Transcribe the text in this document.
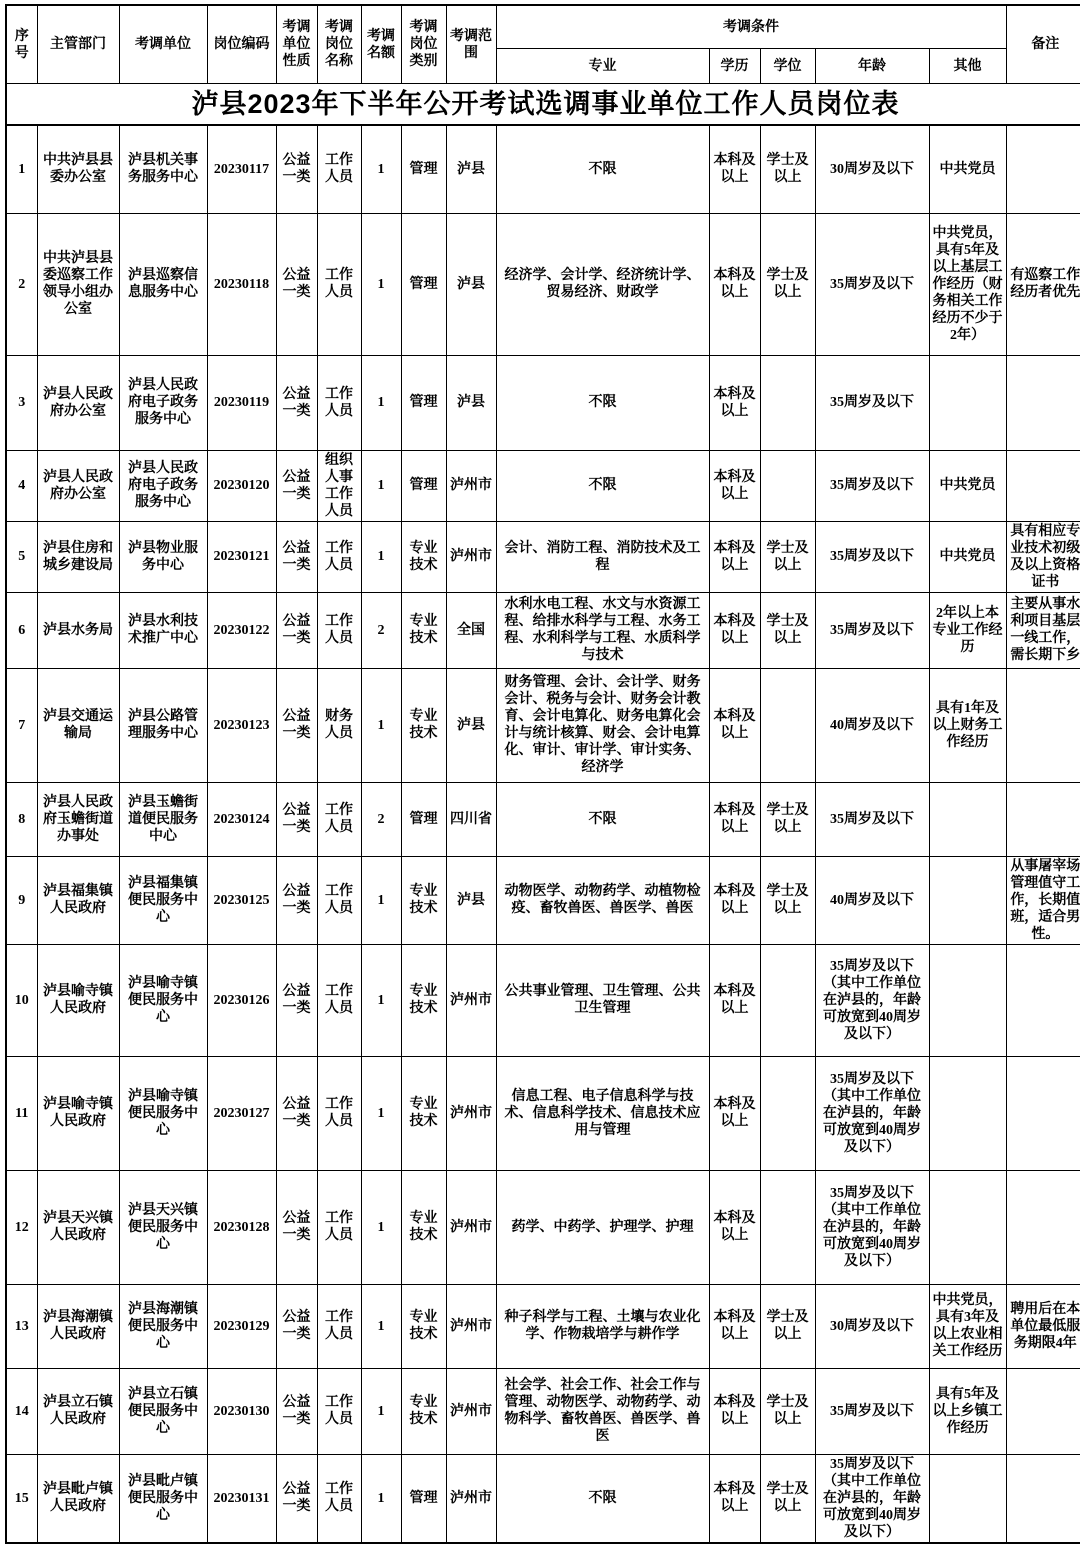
泸县2023年下半年公开考试选调事业单位工作人员岗位表														
序号	主管部门	考调单位	岗位编码	考调单位性质	考调岗位名称	考调名额	考调岗位类别	考调范围	考调条件					备注
									专业	学历	学位	年龄	其他	
1	中共泸县县委办公室	泸县机关事务服务中心	20230117	公益一类	工作人员	1	管理	泸县	不限	本科及以上	学士及以上	30周岁及以下	中共党员	
2	中共泸县县委巡察工作领导小组办公室	泸县巡察信息服务中心	20230118	公益一类	工作人员	1	管理	泸县	经济学、会计学、经济统计学、贸易经济、财政学	本科及以上	学士及以上	35周岁及以下	中共党员，具有5年及以上基层工作经历（财务相关工作经历不少于2年）	有巡察工作经历者优先
3	泸县人民政府办公室	泸县人民政府电子政务服务中心	20230119	公益一类	工作人员	1	管理	泸县	不限	本科及以上		35周岁及以下		
4	泸县人民政府办公室	泸县人民政府电子政务服务中心	20230120	公益一类	组织人事工作人员	1	管理	泸州市	不限	本科及以上		35周岁及以下	中共党员	
5	泸县住房和城乡建设局	泸县物业服务中心	20230121	公益一类	工作人员	1	专业技术	泸州市	会计、消防工程、消防技术及工程	本科及以上	学士及以上	35周岁及以下	中共党员	具有相应专业技术初级及以上资格证书
6	泸县水务局	泸县水利技术推广中心	20230122	公益一类	工作人员	2	专业技术	全国	水利水电工程、水文与水资源工程、给排水科学与工程、水务工程、水利科学与工程、水质科学与技术	本科及以上	学士及以上	35周岁及以下	2年以上本专业工作经历	主要从事水利项目基层一线工作，需长期下乡
7	泸县交通运输局	泸县公路管理服务中心	20230123	公益一类	财务人员	1	专业技术	泸县	财务管理、会计、会计学、财务会计、税务与会计、财务会计教育、会计电算化、财务电算化会计与统计核算、财会、会计电算化、审计、审计学、审计实务、经济学	本科及以上		40周岁及以下	具有1年及以上财务工作经历	
8	泸县人民政府玉蟾街道办事处	泸县玉蟾街道便民服务中心	20230124	公益一类	工作人员	2	管理	四川省	不限	本科及以上	学士及以上	35周岁及以下		
9	泸县福集镇人民政府	泸县福集镇便民服务中心	20230125	公益一类	工作人员	1	专业技术	泸县	动物医学、动物药学、动植物检疫、畜牧兽医、兽医学、兽医	本科及以上	学士及以上	40周岁及以下		从事屠宰场管理值守工作，长期值班，适合男性。
10	泸县喻寺镇人民政府	泸县喻寺镇便民服务中心	20230126	公益一类	工作人员	1	专业技术	泸州市	公共事业管理、卫生管理、公共卫生管理	本科及以上		35周岁及以下（其中工作单位在泸县的，年龄可放宽到40周岁及以下）		
11	泸县喻寺镇人民政府	泸县喻寺镇便民服务中心	20230127	公益一类	工作人员	1	专业技术	泸州市	信息工程、电子信息科学与技术、信息科学技术、信息技术应用与管理	本科及以上		35周岁及以下（其中工作单位在泸县的，年龄可放宽到40周岁及以下）		
12	泸县天兴镇人民政府	泸县天兴镇便民服务中心	20230128	公益一类	工作人员	1	专业技术	泸州市	药学、中药学、护理学、护理	本科及以上		35周岁及以下（其中工作单位在泸县的，年龄可放宽到40周岁及以下）		
13	泸县海潮镇人民政府	泸县海潮镇便民服务中心	20230129	公益一类	工作人员	1	专业技术	泸州市	种子科学与工程、土壤与农业化学、作物栽培学与耕作学	本科及以上	学士及以上	30周岁及以下	中共党员，具有3年及以上农业相关工作经历	聘用后在本单位最低服务期限4年
14	泸县立石镇人民政府	泸县立石镇便民服务中心	20230130	公益一类	工作人员	1	专业技术	泸州市	社会学、社会工作、社会工作与管理、动物医学、动物药学、动物科学、畜牧兽医、兽医学、兽医	本科及以上	学士及以上	35周岁及以下	具有5年及以上乡镇工作经历	
15	泸县毗卢镇人民政府	泸县毗卢镇便民服务中心	20230131	公益一类	工作人员	1	管理	泸州市	不限	本科及以上	学士及以上	35周岁及以下（其中工作单位在泸县的，年龄可放宽到40周岁及以下）		
